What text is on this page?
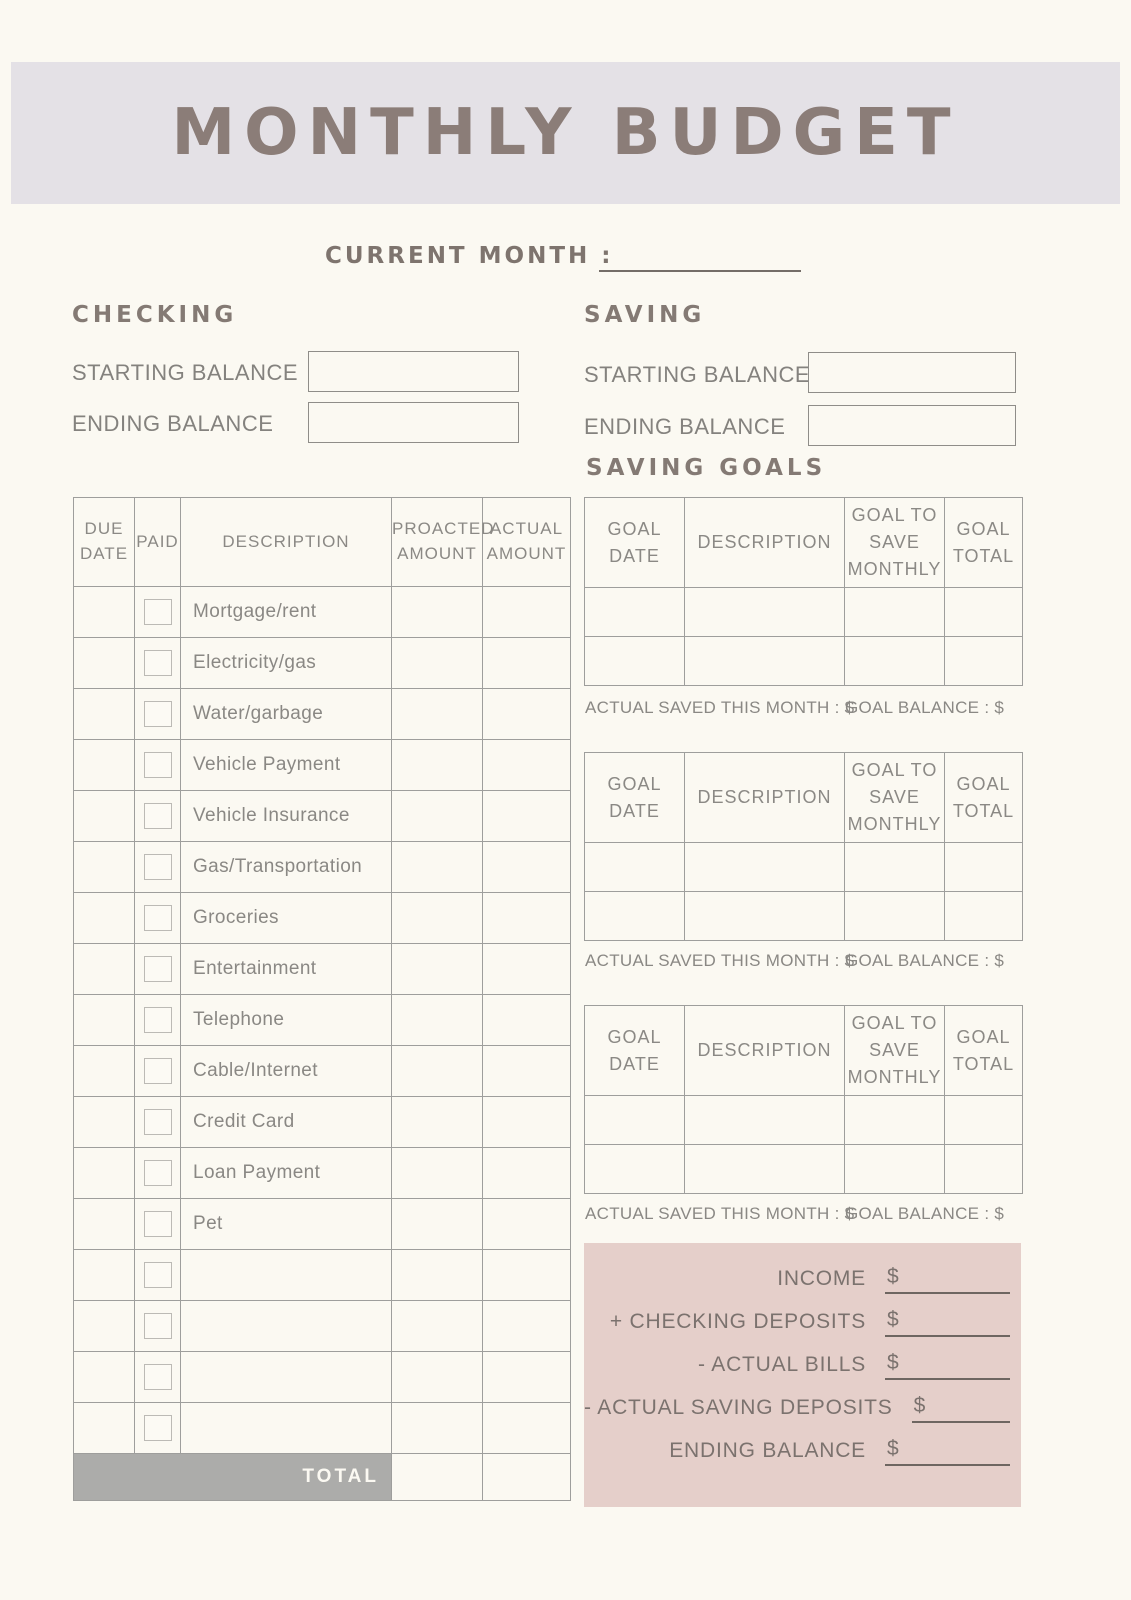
MONTHLY BUDGET
CURRENT MONTH :
CHECKING
STARTING BALANCE
ENDING BALANCE
SAVING
STARTING BALANCE
ENDING BALANCE
SAVING GOALS
DUE DATE	PAID	DESCRIPTION	PROACTED AMOUNT	ACTUAL AMOUNT
		Mortgage/rent		
		Electricity/gas		
		Water/garbage		
		Vehicle Payment		
		Vehicle Insurance		
		Gas/Transportation		
		Groceries		
		Entertainment		
		Telephone		
		Cable/Internet		
		Credit Card		
		Loan Payment		
		Pet		

TOTAL				
GOAL DATE	DESCRIPTION	GOAL TO SAVE MONTHLY	GOAL TOTAL

ACTUAL SAVED THIS MONTH : $
GOAL BALANCE : $
GOAL DATE	DESCRIPTION	GOAL TO SAVE MONTHLY	GOAL TOTAL

ACTUAL SAVED THIS MONTH : $
GOAL BALANCE : $
GOAL DATE	DESCRIPTION	GOAL TO SAVE MONTHLY	GOAL TOTAL

ACTUAL SAVED THIS MONTH : $
GOAL BALANCE : $
INCOME $
+ CHECKING DEPOSITS $
- ACTUAL BILLS $
- ACTUAL SAVING DEPOSITS $
ENDING BALANCE $
